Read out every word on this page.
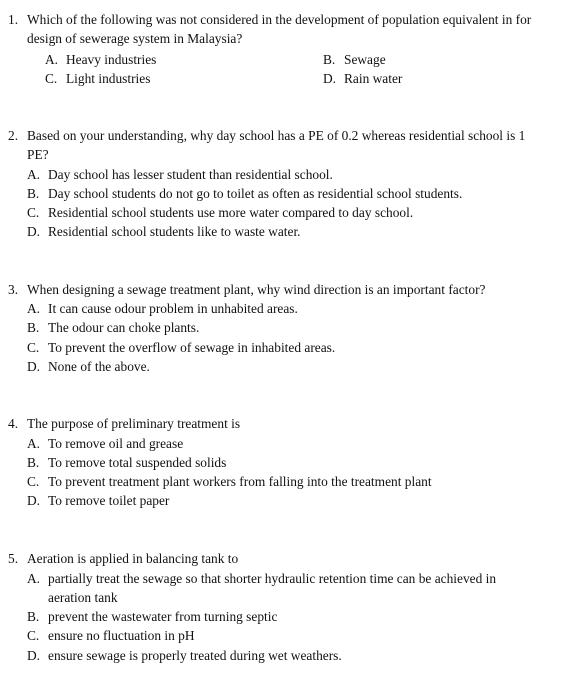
1. Which of the following was not considered in the development of population equivalent in for
design of sewerage system in Malaysia?
A. Heavy industries	B. Sewage
C. Light industries	D. Rain water
2. Based on your understanding, why day school has a PE of 0.2 whereas residential school is 1
PE?
A. Day school has lesser student than residential school.
B. Day school students do not go to toilet as often as residential school students.
C. Residential school students use more water compared to day school.
D. Residential school students like to waste water.
3. When designing a sewage treatment plant, why wind direction is an important factor?
A. It can cause odour problem in unhabited areas.
B. The odour can choke plants.
C. To prevent the overflow of sewage in inhabited areas.
D. None of the above.
4. The purpose of preliminary treatment is
A. To remove oil and grease
B. To remove total suspended solids
C. To prevent treatment plant workers from falling into the treatment plant
D. To remove toilet paper
5. Aeration is applied in balancing tank to
A. partially treat the sewage so that shorter hydraulic retention time can be achieved in
aeration tank
B. prevent the wastewater from turning septic
C. ensure no fluctuation in pH
D. ensure sewage is properly treated during wet weathers.
